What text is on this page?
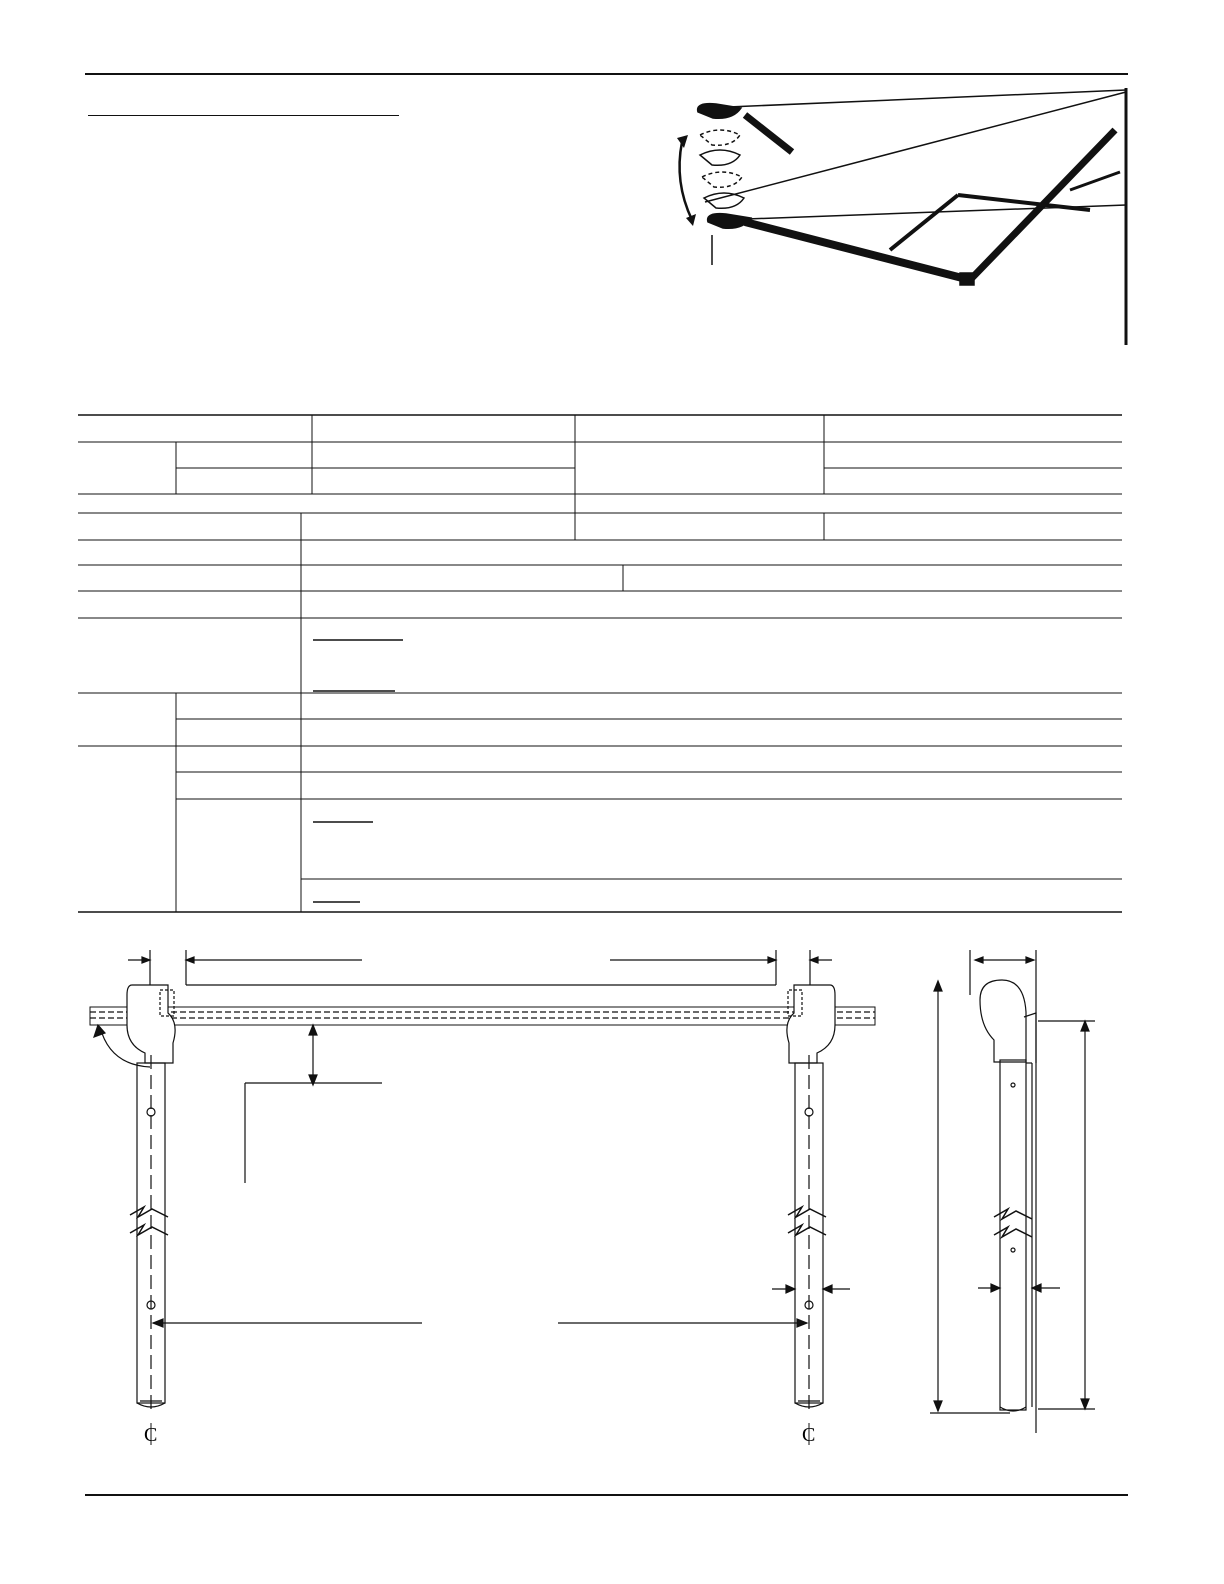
C	C
